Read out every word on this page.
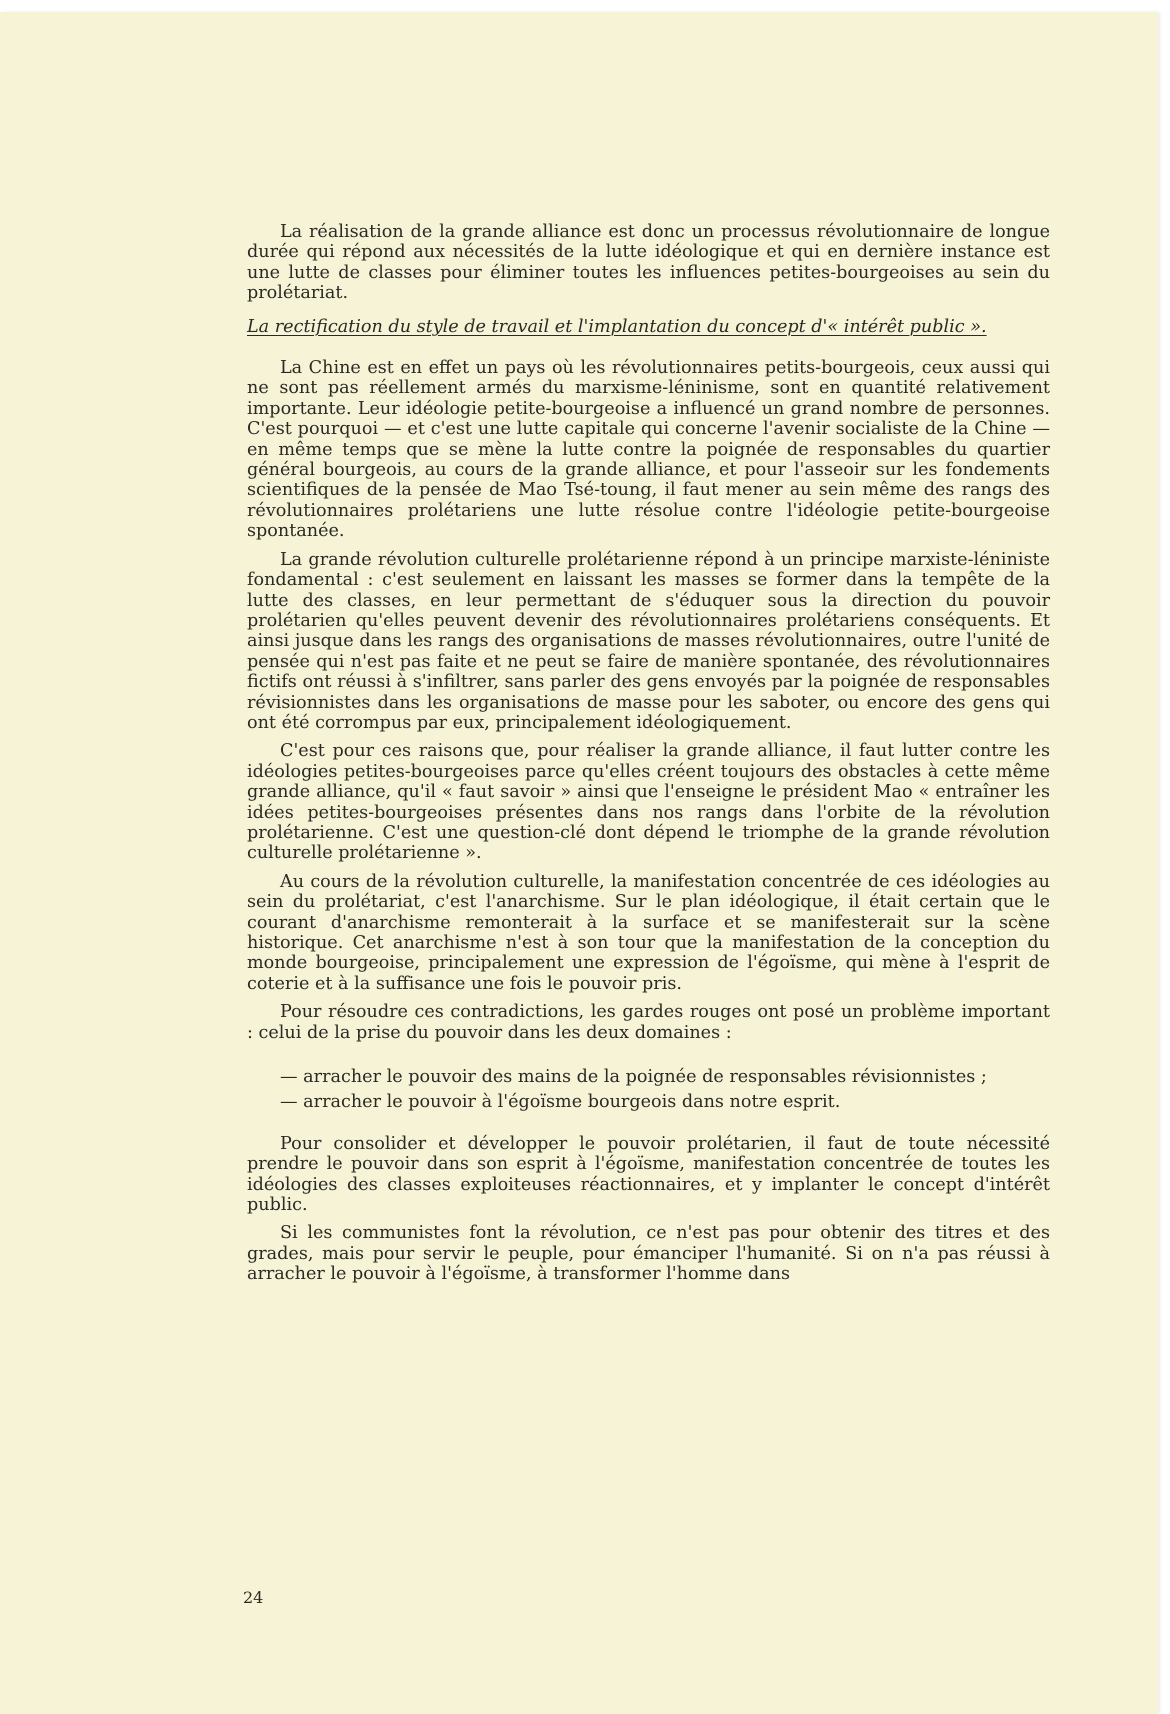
La réalisation de la grande alliance est donc un processus révolutionnaire de longue durée qui répond aux nécessités de la lutte idéologique et qui en dernière instance est une lutte de classes pour éliminer toutes les influences petites-bourgeoises au sein du prolétariat.

La rectification du style de travail et l'implantation du concept d'« intérêt public ».

La Chine est en effet un pays où les révolutionnaires petits-bourgeois, ceux aussi qui ne sont pas réellement armés du marxisme-léninisme, sont en quantité relativement importante. Leur idéologie petite-bourgeoise a influencé un grand nombre de personnes. C'est pourquoi — et c'est une lutte capitale qui concerne l'avenir socialiste de la Chine — en même temps que se mène la lutte contre la poignée de responsables du quartier général bourgeois, au cours de la grande alliance, et pour l'asseoir sur les fondements scientifiques de la pensée de Mao Tsé-toung, il faut mener au sein même des rangs des révolutionnaires prolétariens une lutte résolue contre l'idéologie petite-bourgeoise spontanée.

La grande révolution culturelle prolétarienne répond à un principe marxiste-léniniste fondamental : c'est seulement en laissant les masses se former dans la tempête de la lutte des classes, en leur permettant de s'éduquer sous la direction du pouvoir prolétarien qu'elles peuvent devenir des révolutionnaires prolétariens conséquents. Et ainsi jusque dans les rangs des organisations de masses révolutionnaires, outre l'unité de pensée qui n'est pas faite et ne peut se faire de manière spontanée, des révolutionnaires fictifs ont réussi à s'infiltrer, sans parler des gens envoyés par la poignée de responsables révisionnistes dans les organisations de masse pour les saboter, ou encore des gens qui ont été corrompus par eux, principalement idéologiquement.

C'est pour ces raisons que, pour réaliser la grande alliance, il faut lutter contre les idéologies petites-bourgeoises parce qu'elles créent toujours des obstacles à cette même grande alliance, qu'il « faut savoir » ainsi que l'enseigne le président Mao « entraîner les idées petites-bourgeoises présentes dans nos rangs dans l'orbite de la révolution prolétarienne. C'est une question-clé dont dépend le triomphe de la grande révolution culturelle prolétarienne ».

Au cours de la révolution culturelle, la manifestation concentrée de ces idéologies au sein du prolétariat, c'est l'anarchisme. Sur le plan idéologique, il était certain que le courant d'anarchisme remonterait à la surface et se manifesterait sur la scène historique. Cet anarchisme n'est à son tour que la manifestation de la conception du monde bourgeoise, principalement une expression de l'égoïsme, qui mène à l'esprit de coterie et à la suffisance une fois le pouvoir pris.

Pour résoudre ces contradictions, les gardes rouges ont posé un problème important : celui de la prise du pouvoir dans les deux domaines :

— arracher le pouvoir des mains de la poignée de responsables révisionnistes ;

— arracher le pouvoir à l'égoïsme bourgeois dans notre esprit.

Pour consolider et développer le pouvoir prolétarien, il faut de toute nécessité prendre le pouvoir dans son esprit à l'égoïsme, manifestation concentrée de toutes les idéologies des classes exploiteuses réactionnaires, et y implanter le concept d'intérêt public.

Si les communistes font la révolution, ce n'est pas pour obtenir des titres et des grades, mais pour servir le peuple, pour émanciper l'humanité. Si on n'a pas réussi à arracher le pouvoir à l'égoïsme, à transformer l'homme dans

24
